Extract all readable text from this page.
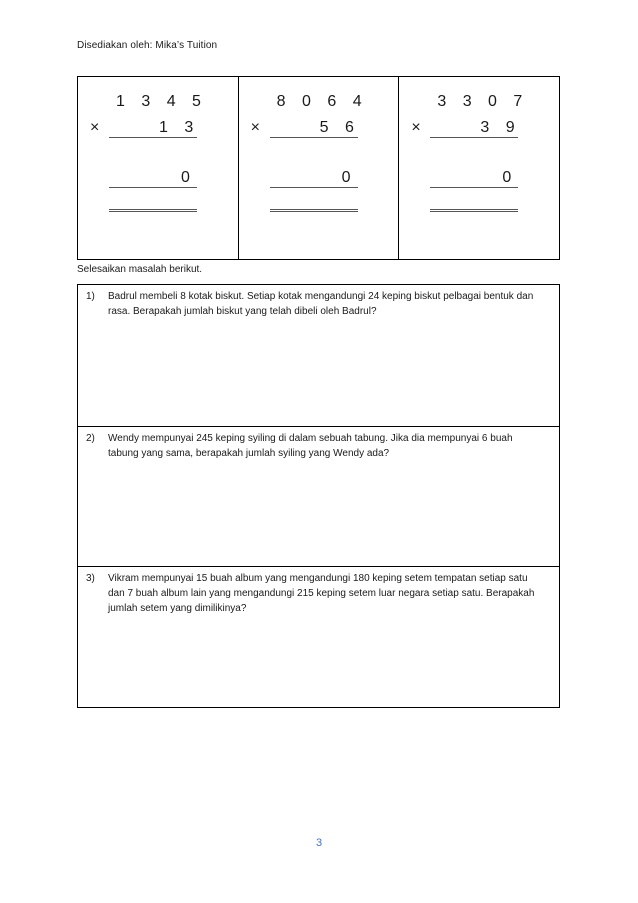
Disediakan oleh: Mika’s Tuition
1 3 4 5
×	1 3
0
8 0 6 4
×	5 6
0
3 3 0 7
×	3 9
0
Selesaikan masalah berikut.
1)	Badrul membeli 8 kotak biskut. Setiap kotak mengandungi 24 keping biskut pelbagai bentuk dan rasa. Berapakah jumlah biskut yang telah dibeli oleh Badrul?
2)	Wendy mempunyai 245 keping syiling di dalam sebuah tabung. Jika dia mempunyai 6 buah tabung yang sama, berapakah jumlah syiling yang Wendy ada?
3)	Vikram mempunyai 15 buah album yang mengandungi 180 keping setem tempatan setiap satu dan 7 buah album lain yang mengandungi 215 keping setem luar negara setiap satu. Berapakah jumlah setem yang dimilikinya?
3
